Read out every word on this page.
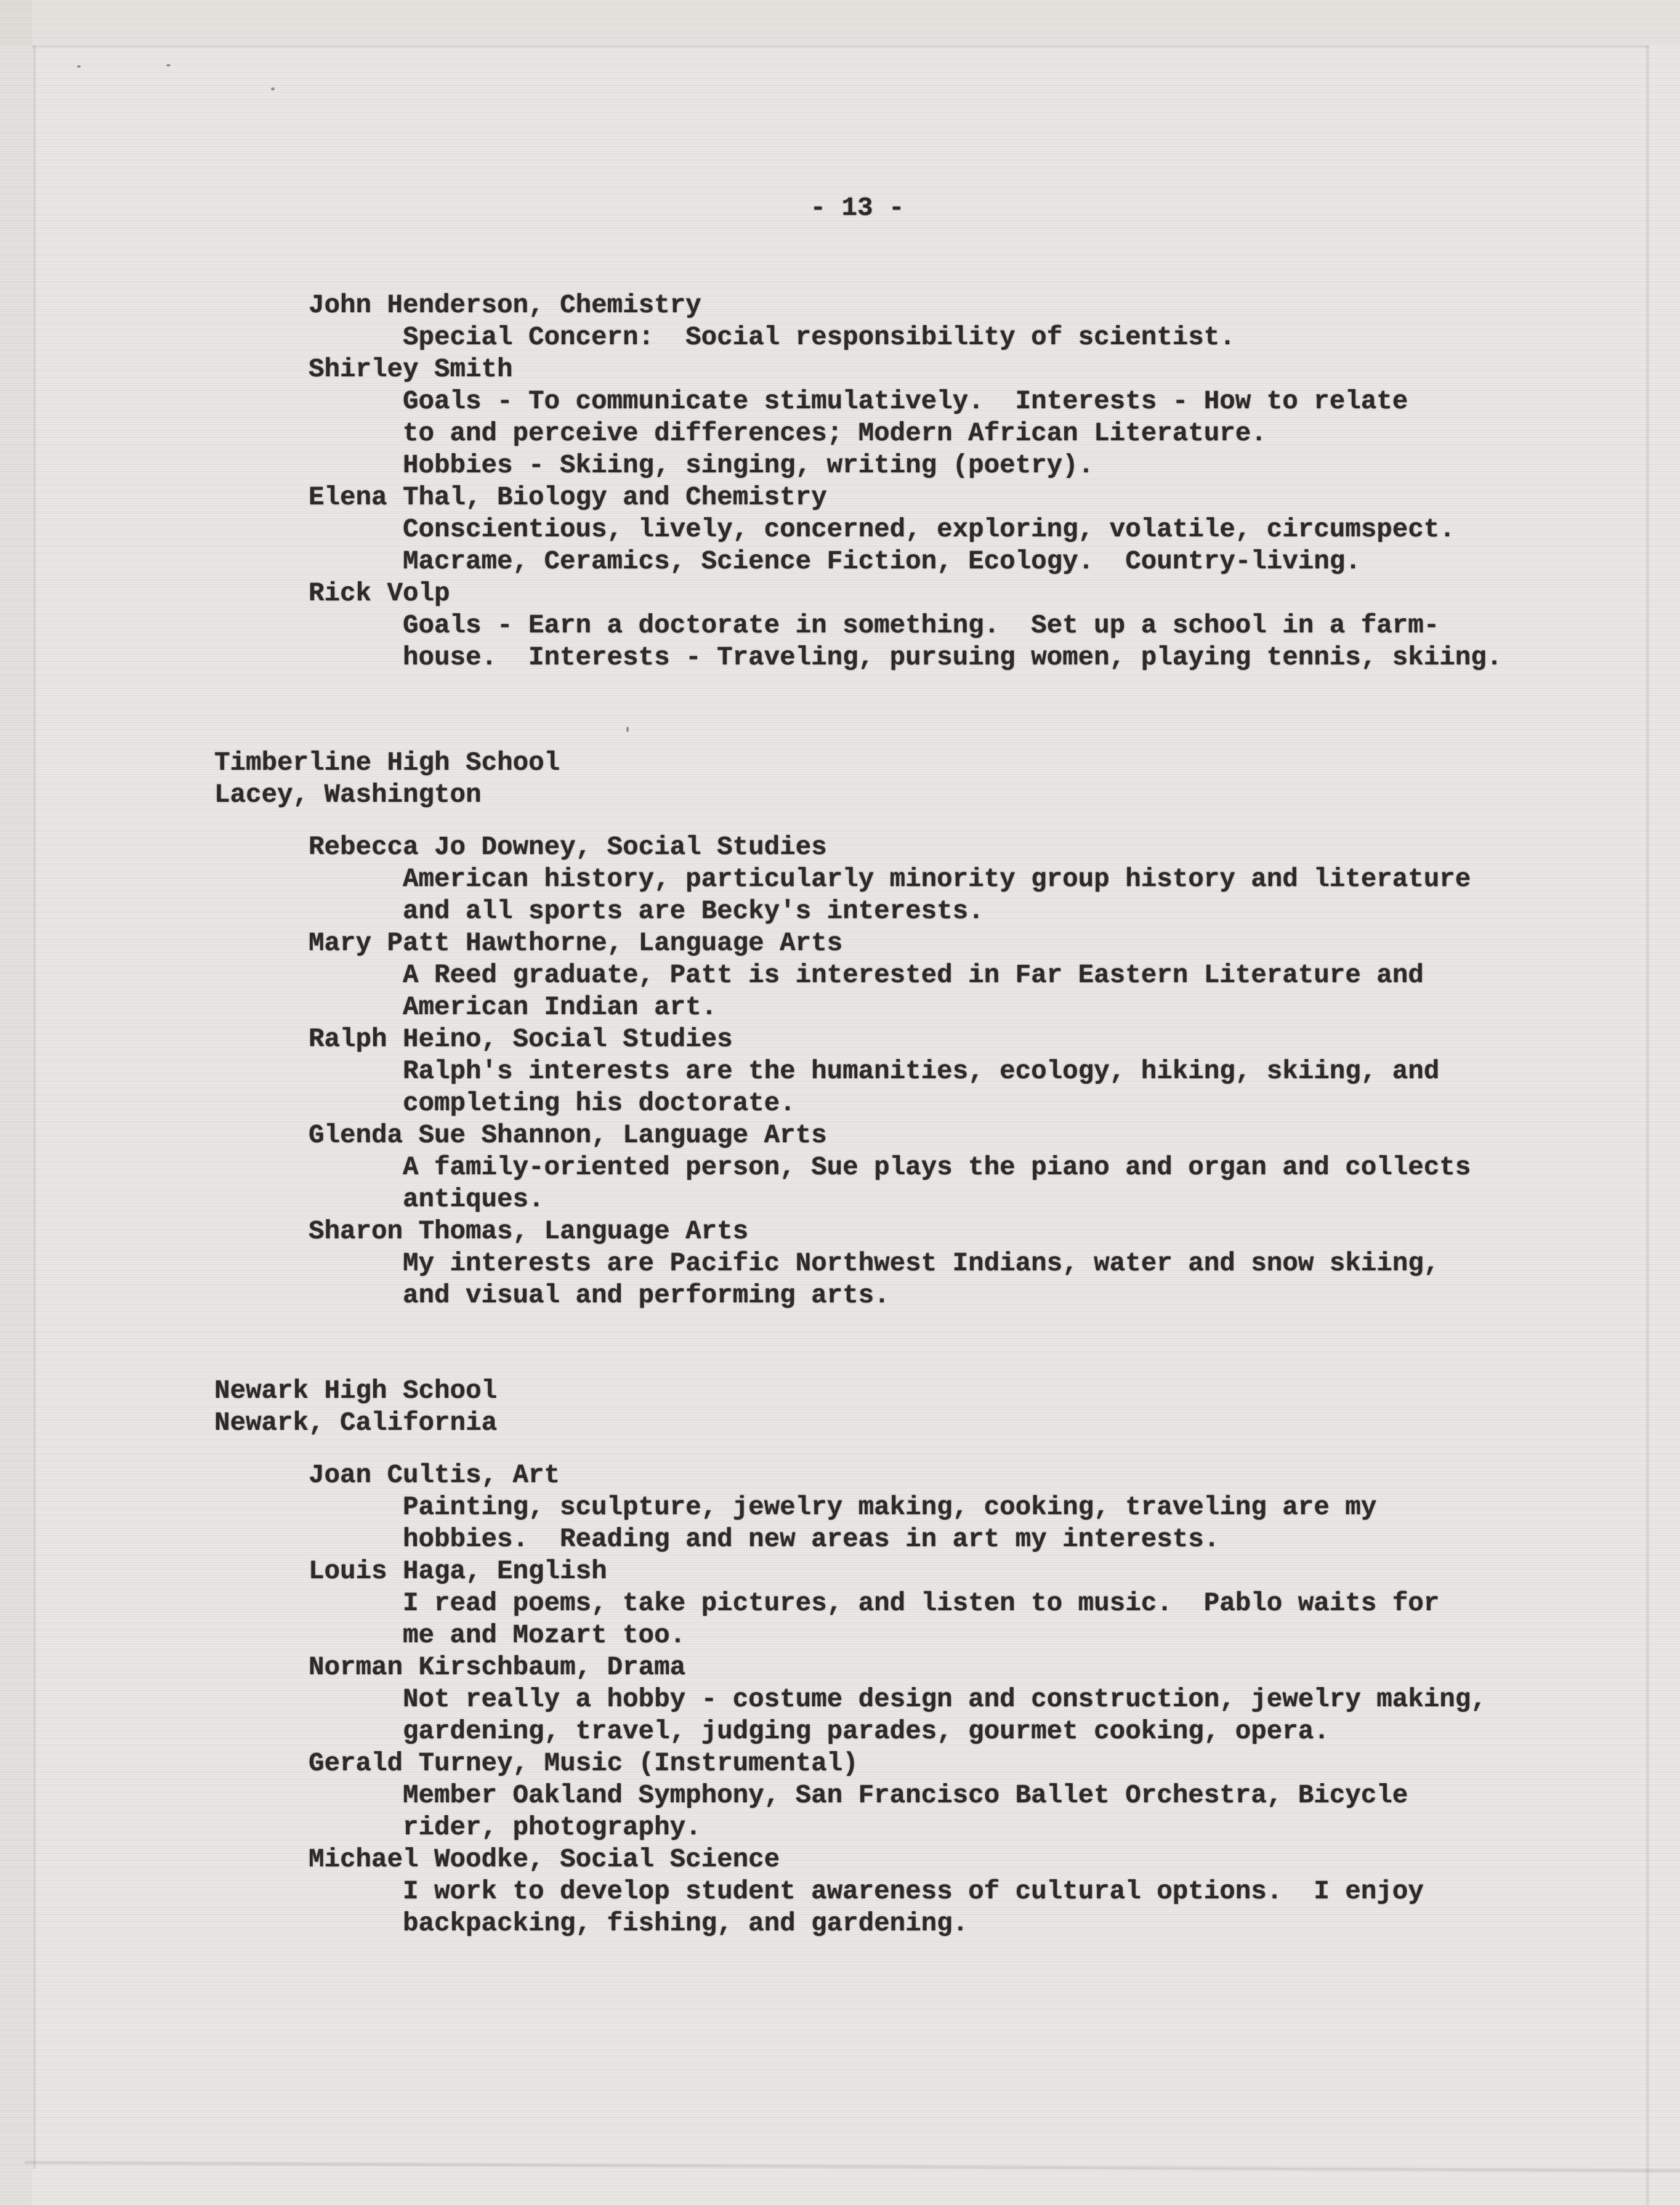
- 13 -
John Henderson, Chemistry
Special Concern:  Social responsibility of scientist.
Shirley Smith
Goals - To communicate stimulatively.  Interests - How to relate
to and perceive differences; Modern African Literature.
Hobbies - Skiing, singing, writing (poetry).
Elena Thal, Biology and Chemistry
Conscientious, lively, concerned, exploring, volatile, circumspect.
Macrame, Ceramics, Science Fiction, Ecology.  Country-living.
Rick Volp
Goals - Earn a doctorate in something.  Set up a school in a farm-
house.  Interests - Traveling, pursuing women, playing tennis, skiing.
Timberline High School
Lacey, Washington
Rebecca Jo Downey, Social Studies
American history, particularly minority group history and literature
and all sports are Becky's interests.
Mary Patt Hawthorne, Language Arts
A Reed graduate, Patt is interested in Far Eastern Literature and
American Indian art.
Ralph Heino, Social Studies
Ralph's interests are the humanities, ecology, hiking, skiing, and
completing his doctorate.
Glenda Sue Shannon, Language Arts
A family-oriented person, Sue plays the piano and organ and collects
antiques.
Sharon Thomas, Language Arts
My interests are Pacific Northwest Indians, water and snow skiing,
and visual and performing arts.
Newark High School
Newark, California
Joan Cultis, Art
Painting, sculpture, jewelry making, cooking, traveling are my
hobbies.  Reading and new areas in art my interests.
Louis Haga, English
I read poems, take pictures, and listen to music.  Pablo waits for
me and Mozart too.
Norman Kirschbaum, Drama
Not really a hobby - costume design and construction, jewelry making,
gardening, travel, judging parades, gourmet cooking, opera.
Gerald Turney, Music (Instrumental)
Member Oakland Symphony, San Francisco Ballet Orchestra, Bicycle
rider, photography.
Michael Woodke, Social Science
I work to develop student awareness of cultural options.  I enjoy
backpacking, fishing, and gardening.
